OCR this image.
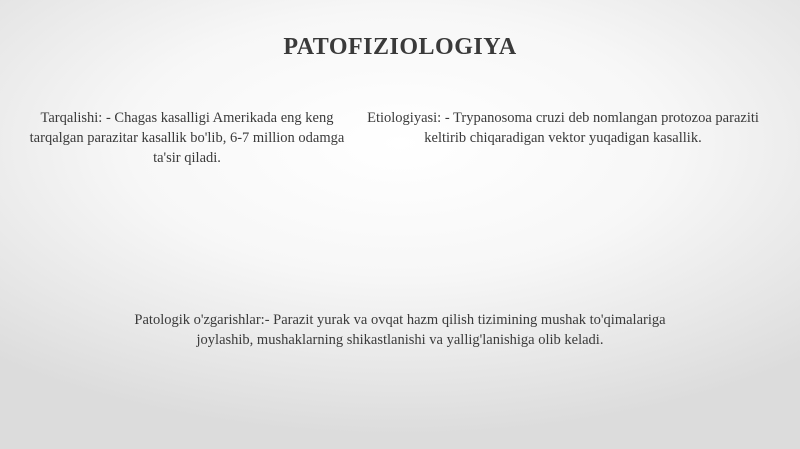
PATOFIZIOLOGIYA

Tarqalishi: - Chagas kasalligi Amerikada eng keng tarqalgan parazitar kasallik bo'lib, 6-7 million odamga ta'sir qiladi.

Etiologiyasi: - Trypanosoma cruzi deb nomlangan protozoa paraziti keltirib chiqaradigan vektor yuqadigan kasallik.

Patologik o'zgarishlar:- Parazit yurak va ovqat hazm qilish tizimining mushak to'qimalariga joylashib, mushaklarning shikastlanishi va yallig'lanishiga olib keladi.
